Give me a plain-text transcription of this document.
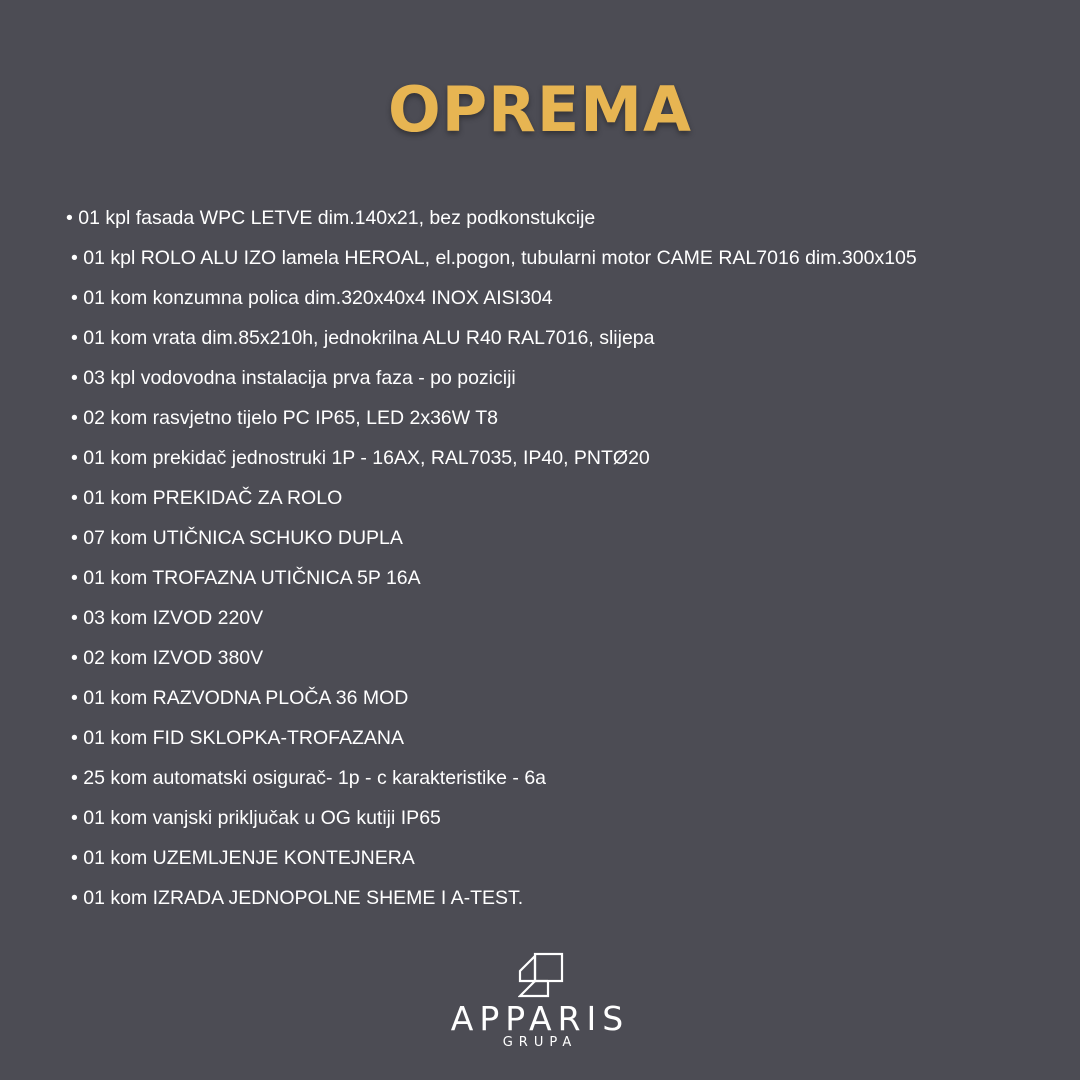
OPREMA
• 01 kpl fasada WPC LETVE dim.140x21, bez podkonstukcije
• 01 kpl ROLO ALU IZO lamela HEROAL, el.pogon, tubularni motor CAME RAL7016 dim.300x105
• 01 kom konzumna polica dim.320x40x4 INOX AISI304
• 01 kom vrata dim.85x210h, jednokrilna ALU R40 RAL7016, slijepa
• 03 kpl vodovodna instalacija prva faza - po poziciji
• 02 kom rasvjetno tijelo PC IP65, LED 2x36W T8
• 01 kom prekidač jednostruki 1P - 16AX, RAL7035, IP40, PNTØ20
• 01 kom PREKIDAČ ZA ROLO
• 07 kom UTIČNICA SCHUKO DUPLA
• 01 kom TROFAZNA UTIČNICA 5P 16A
• 03 kom IZVOD 220V
• 02 kom IZVOD 380V
• 01 kom RAZVODNA PLOČA 36 MOD
• 01 kom FID SKLOPKA-TROFAZANA
• 25 kom automatski osigurač- 1p - c karakteristike - 6a
• 01 kom vanjski priključak u OG kutiji IP65
• 01 kom UZEMLJENJE KONTEJNERA
• 01 kom IZRADA JEDNOPOLNE SHEME I A-TEST.
APPARIS
GRUPA
